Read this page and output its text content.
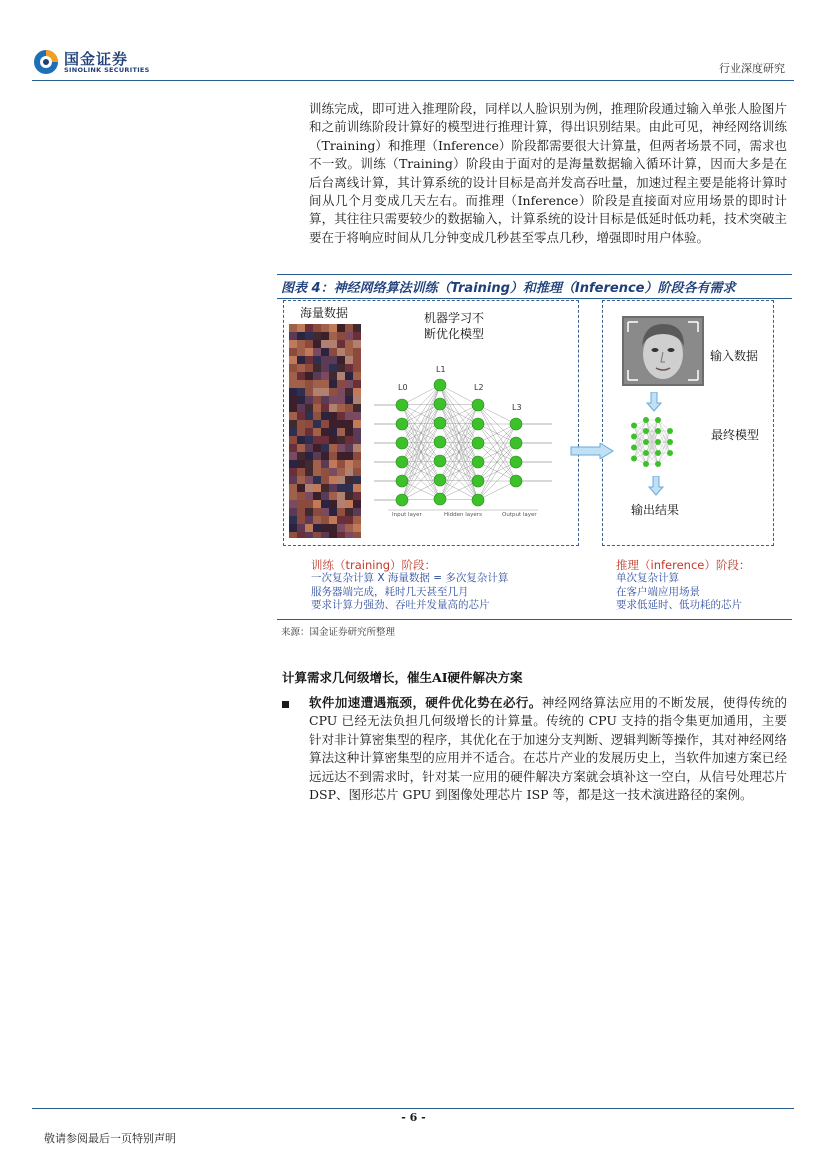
国金证券
SINOLINK SECURITIES	行业深度研究
训练完成，即可进入推理阶段，同样以人脸识别为例，推理阶段通过输入单张人脸图片和之前训练阶段计算好的模型进行推理计算，得出识别结果。由此可见，神经网络训练（Training）和推理（Inference）阶段都需要很大计算量，但两者场景不同，需求也不一致。训练（Training）阶段由于面对的是海量数据输入循环计算，因而大多是在后台离线计算，其计算系统的设计目标是高并发高吞吐量，加速过程主要是能将计算时间从几个月变成几天左右。而推理（Inference）阶段是直接面对应用场景的即时计算，其往往只需要较少的数据输入，计算系统的设计目标是低延时低功耗，技术突破主要在于将响应时间从几分钟变成几秒甚至零点几秒，增强即时用户体验。
图表 4：神经网络算法训练（Training）和推理（Inference）阶段各有需求
海量数据	机器学习不
断优化模型
L0
L1
L2
L3
Input layer	Hidden layers	Output layer
输入数据
最终模型
输出结果
训练（training）阶段：
一次复杂计算 X 海量数据 = 多次复杂计算
服务器端完成，耗时几天甚至几月
要求计算力强劲、吞吐并发量高的芯片
推理（inference）阶段：
单次复杂计算
在客户端应用场景
要求低延时、低功耗的芯片
来源：国金证券研究所整理
计算需求几何级增长，催生AI硬件解决方案
软件加速遭遇瓶颈，硬件优化势在必行。神经网络算法应用的不断发展，使得传统的 CPU 已经无法负担几何级增长的计算量。传统的 CPU 支持的指令集更加通用，主要针对非计算密集型的程序，其优化在于加速分支判断、逻辑判断等操作，其对神经网络算法这种计算密集型的应用并不适合。在芯片产业的发展历史上，当软件加速方案已经远远达不到需求时，针对某一应用的硬件解决方案就会填补这一空白，从信号处理芯片 DSP、图形芯片 GPU 到图像处理芯片 ISP 等，都是这一技术演进路径的案例。
- 6 -
敬请参阅最后一页特别声明
